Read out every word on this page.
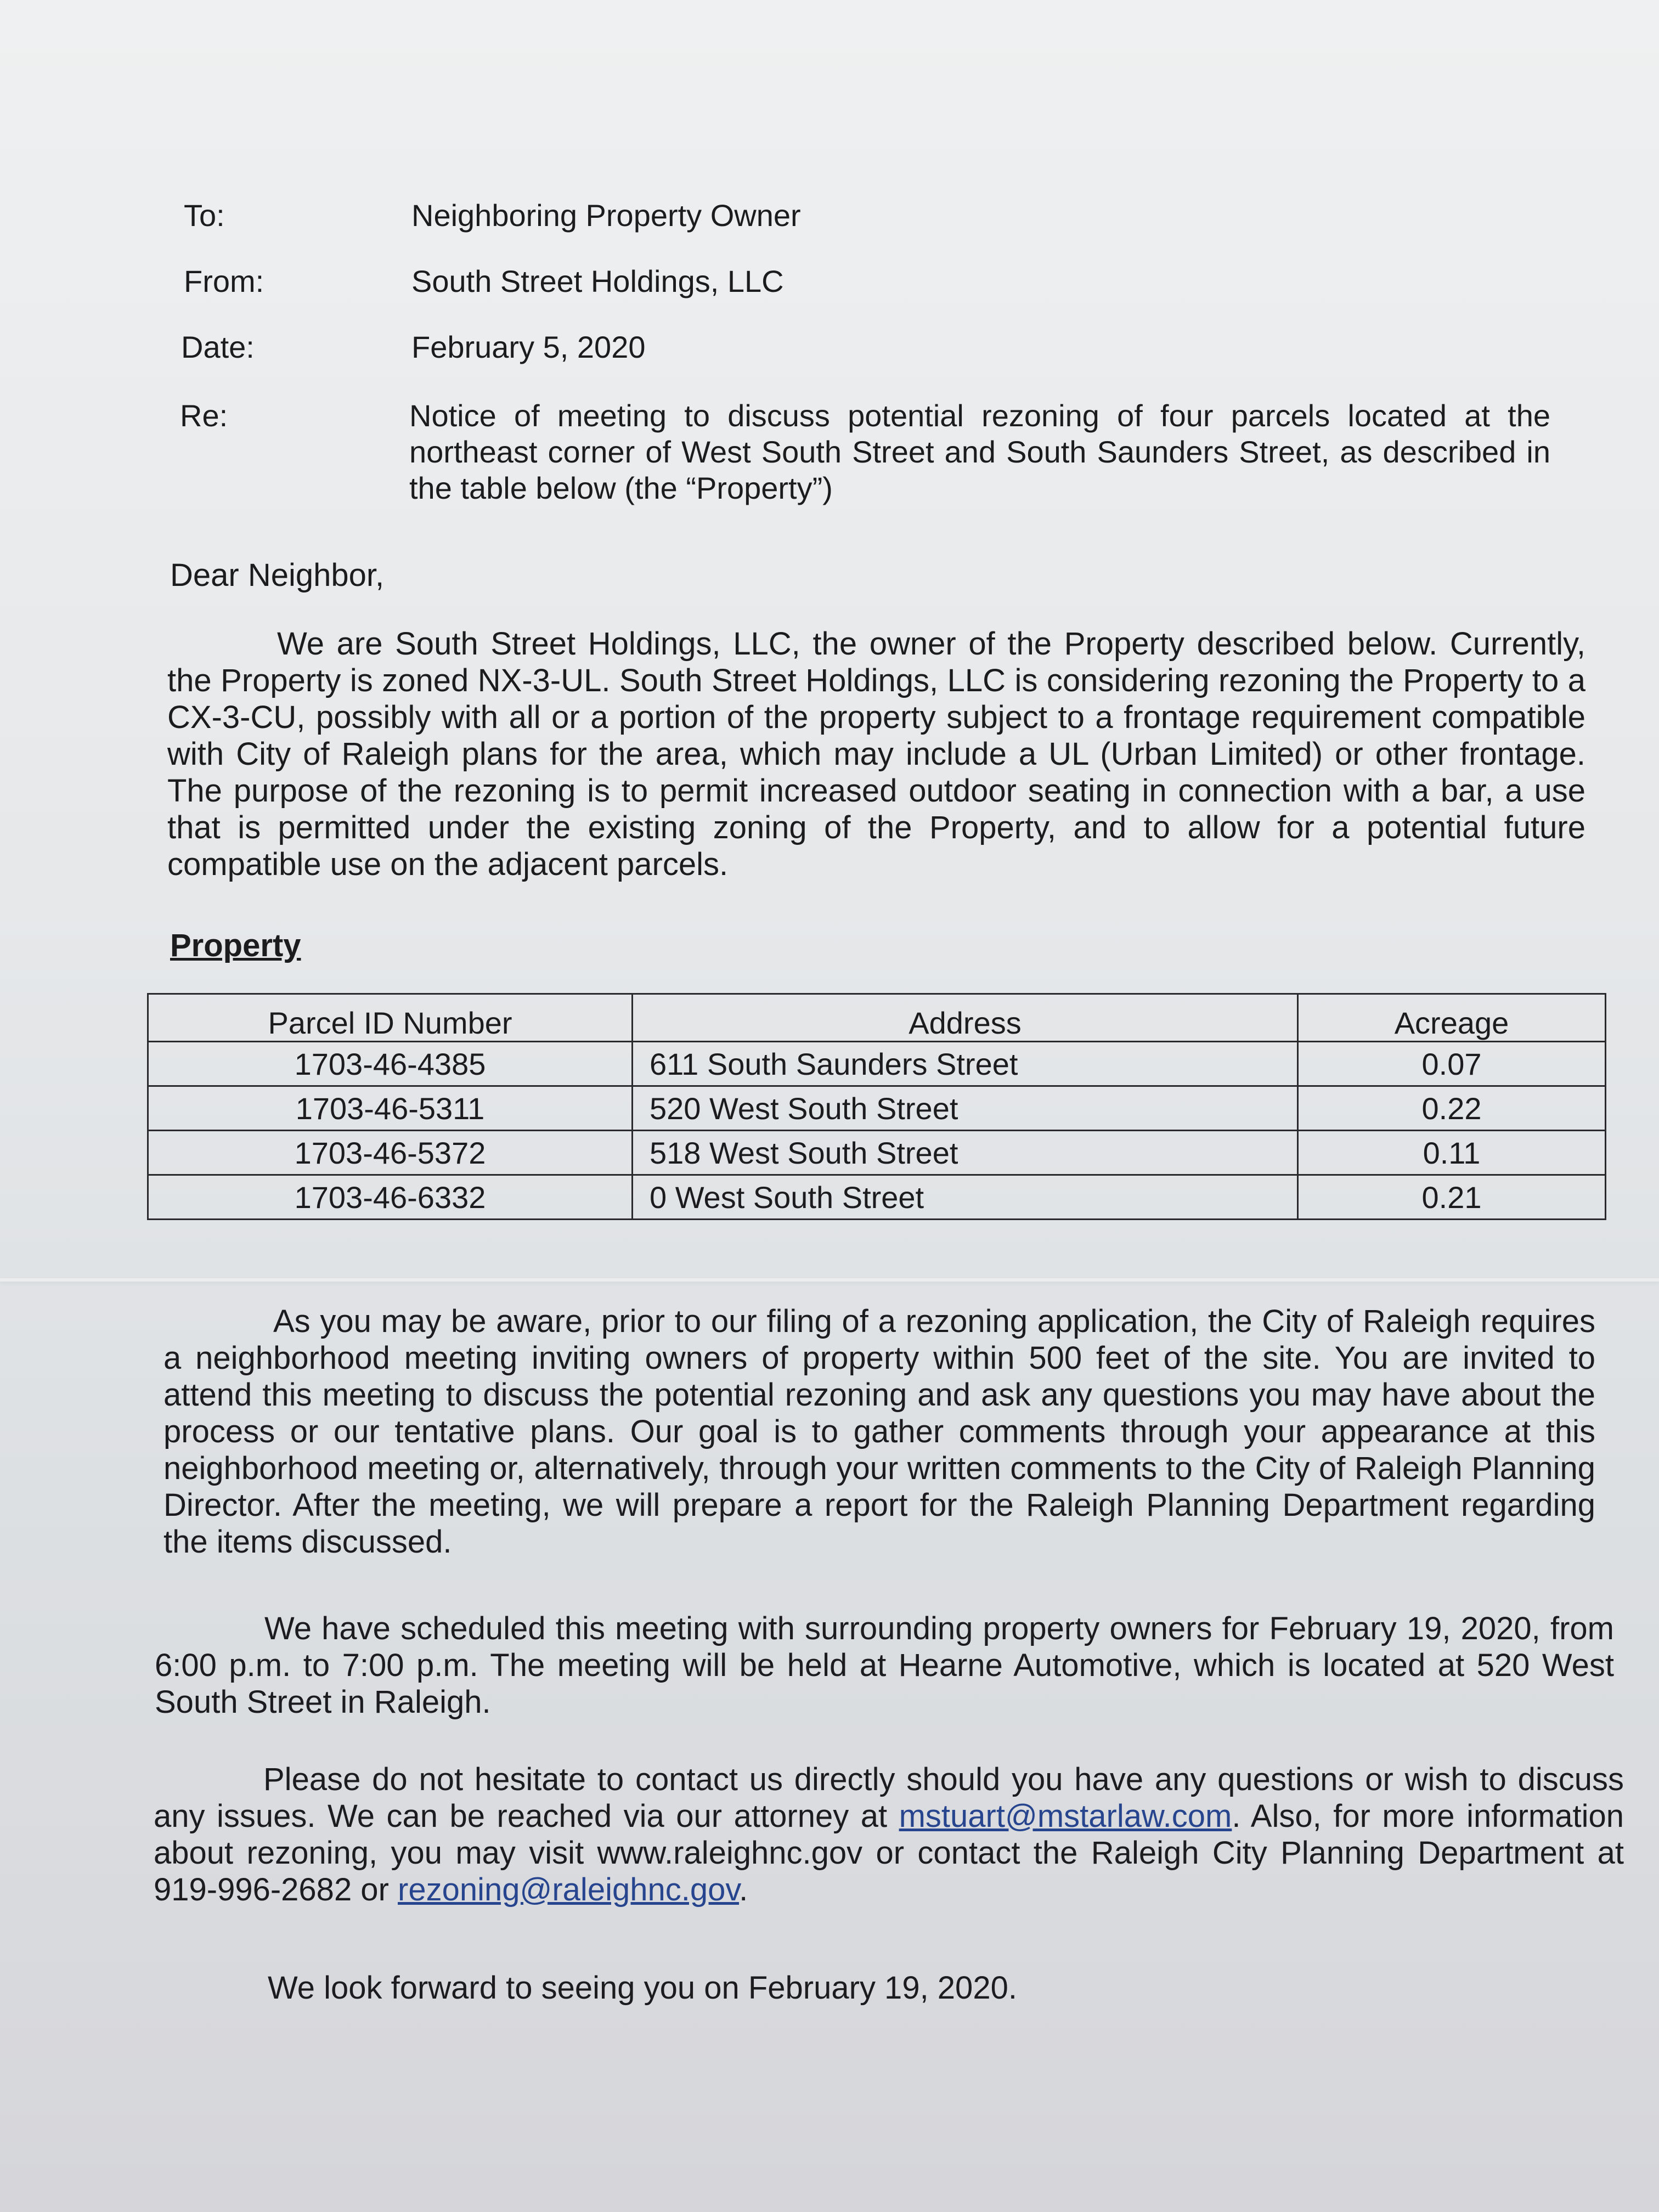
To:	Neighboring Property Owner
From:	South Street Holdings, LLC
Date:	February 5, 2020
Re:	Notice of meeting to discuss potential rezoning of four parcels located at the northeast corner of West South Street and South Saunders Street, as described in the table below (the “Property”)
Dear Neighbor,
We are South Street Holdings, LLC, the owner of the Property described below. Currently, the Property is zoned NX-3-UL. South Street Holdings, LLC is considering rezoning the Property to a CX-3-CU, possibly with all or a portion of the property subject to a frontage requirement compatible with City of Raleigh plans for the area, which may include a UL (Urban Limited) or other frontage. The purpose of the rezoning is to permit increased outdoor seating in connection with a bar, a use that is permitted under the existing zoning of the Property, and to allow for a potential future compatible use on the adjacent parcels.
Property
Parcel ID Number	Address	Acreage
1703-46-4385	611 South Saunders Street	0.07
1703-46-5311	520 West South Street	0.22
1703-46-5372	518 West South Street	0.11
1703-46-6332	0 West South Street	0.21
As you may be aware, prior to our filing of a rezoning application, the City of Raleigh requires a neighborhood meeting inviting owners of property within 500 feet of the site. You are invited to attend this meeting to discuss the potential rezoning and ask any questions you may have about the process or our tentative plans. Our goal is to gather comments through your appearance at this neighborhood meeting or, alternatively, through your written comments to the City of Raleigh Planning Director. After the meeting, we will prepare a report for the Raleigh Planning Department regarding the items discussed.
We have scheduled this meeting with surrounding property owners for February 19, 2020, from 6:00 p.m. to 7:00 p.m. The meeting will be held at Hearne Automotive, which is located at 520 West South Street in Raleigh.
Please do not hesitate to contact us directly should you have any questions or wish to discuss any issues. We can be reached via our attorney at mstuart@mstarlaw.com. Also, for more information about rezoning, you may visit www.raleighnc.gov or contact the Raleigh City Planning Department at 919-996-2682 or rezoning@raleighnc.gov.
We look forward to seeing you on February 19, 2020.
